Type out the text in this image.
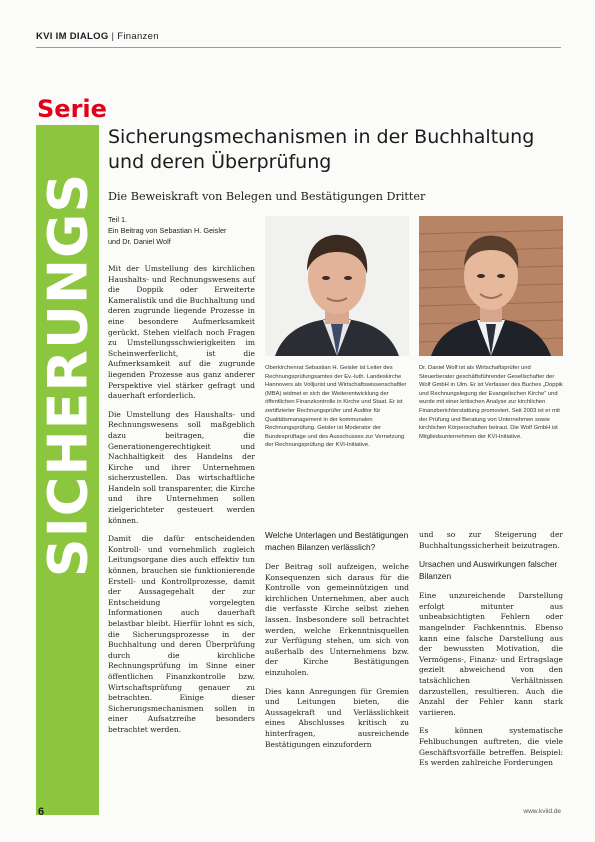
KVI IM DIALOG | Finanzen
Serie
SICHERUNGS
Sicherungsmechanismen in der Buchhaltung
und deren Überprüfung
Die Beweiskraft von Belegen und Bestätigungen Dritter
Teil 1.
Ein Beitrag von Sebastian H. Geisler
und Dr. Daniel Wolf
Oberkirchenrat Sebastian H. Geisler ist Leiter des Rechnungsprüfungsamtes der Ev.-luth. Landeskirche Hannovers als Volljurist und Wirtschaftswissenschaftler (MBA) widmet er sich der Weiterentwicklung der öffentlichen Finanzkontrolle in Kirche und Staat. Er ist zertifizierter Rechnungsprüfer und Auditor für Qualitätsmanagement in der kommunalen Rechnungsprüfung. Geisler ist Moderator der Bundesprüftage und des Ausschusses zur Vernetzung der Rechnungsprüfung der KVI-Initiative.
Dr. Daniel Wolf ist als Wirtschaftsprüfer und Steuerberater geschäftsführender Gesellschafter der Wolf GmbH in Ulm. Er ist Verfasser des Buches „Doppik und Rechnungslegung der Evangelischen Kirche“ und wurde mit einer kritischen Analyse zur kirchlichen Finanzberichterstattung promoviert. Seit 2003 ist er mit der Prüfung und Beratung von Unternehmen sowie kirchlichen Körperschaften betraut. Die Wolf GmbH ist Mitgliedsunternehmen der KVI-Initiative.

Mit der Umstellung des kirchlichen Haushalts- und Rechnungswesens auf die Doppik oder Erweiterte Kameralistik und die Buchhaltung und deren zugrunde liegende Prozesse in eine besondere Aufmerksamkeit gerückt. Stehen vielfach noch Fragen zu Umstellungsschwierigkeiten im Scheinwerferlicht, ist die Aufmerksamkeit auf die zugrunde liegenden Prozesse aus ganz anderer Perspektive viel stärker gefragt und dauerhaft erforderlich.

Die Umstellung des Haushalts- und Rechnungswesens soll maßgeblich dazu beitragen, die Generationengerechtigkeit und Nachhaltigkeit des Handelns der Kirche und ihrer Unternehmen sicherzustellen. Das wirtschaftliche Handeln soll transparenter, die Kirche und ihre Unternehmen sollen zielgerichteter gesteuert werden können.

Damit die dafür entscheidenden Kontroll- und vornehmlich zugleich Leitungsorgane dies auch effektiv tun können, brauchen sie funktionierende Erstell- und Kontrollprozesse, damit der Aussagegehalt der zur Entscheidung vorgelegten Informationen auch dauerhaft belastbar bleibt. Hierfür lohnt es sich, die Sicherungsprozesse in der Buchhaltung und deren Überprüfung durch die kirchliche Rechnungsprüfung im Sinne einer öffentlichen Finanzkontrolle bzw. Wirtschaftsprüfung genauer zu betrachten. Einige dieser Sicherungsmechanismen sollen in einer Aufsatzreihe besonders betrachtet werden.

Welche Unterlagen und Bestätigungen machen Bilanzen verlässlich?

Der Beitrag soll aufzeigen, welche Konsequenzen sich daraus für die Kontrolle von gemeinnützigen und kirchlichen Unternehmen, aber auch die verfasste Kirche selbst ziehen lassen. Insbesondere soll betrachtet werden, welche Erkenntnisquellen zur Verfügung stehen, um sich von außerhalb des Unternehmens bzw. der Kirche Bestätigungen einzuholen.

Dies kann Anregungen für Gremien und Leitungen bieten, die Aussagekraft und Verlässlichkeit eines Abschlusses kritisch zu hinterfragen, ausreichende Bestätigungen einzufordern

und so zur Steigerung der Buchhaltungssicherheit beizutragen.

Ursachen und Auswirkungen falscher Bilanzen

Eine unzureichende Darstellung erfolgt mitunter aus unbeabsichtigten Fehlern oder mangelnder Fachkenntnis. Ebenso kann eine falsche Darstellung aus der bewussten Motivation, die Vermögens-, Finanz- und Ertragslage gezielt abweichend von den tatsächlichen Verhältnissen darzustellen, resultieren. Auch die Anzahl der Fehler kann stark variieren.

Es können systematische Fehlbuchungen auftreten, die viele Geschäftsvorfälle betreffen. Beispiel: Es werden zahlreiche Forderungen

6	www.kviid.de
